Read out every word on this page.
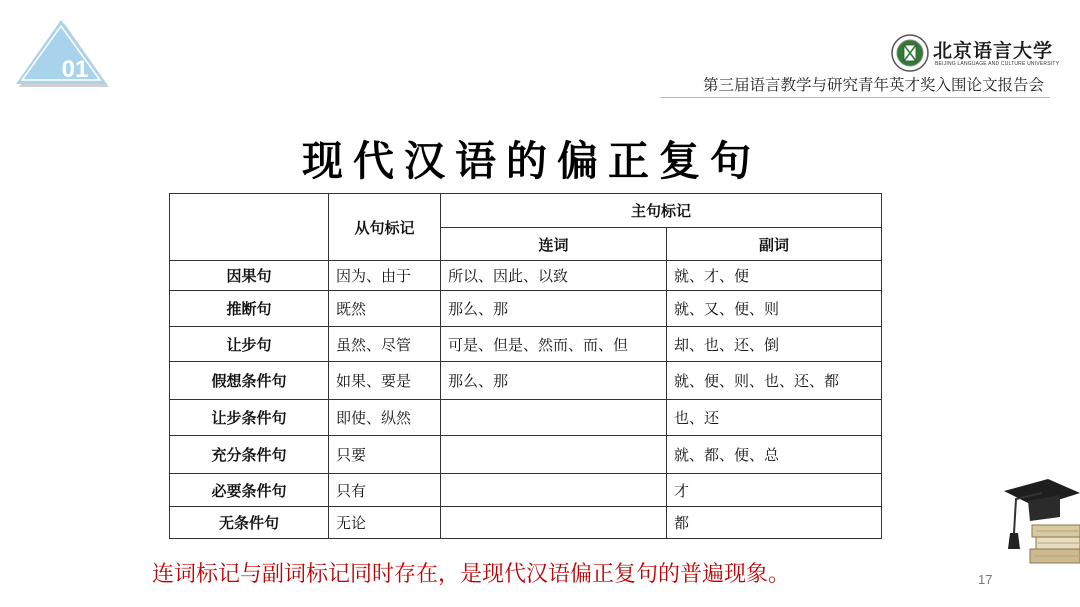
01
北京语言大学
BEIJING LANGUAGE AND CULTURE UNIVERSITY
第三届语言教学与研究青年英才奖入围论文报告会
现代汉语的偏正复句
	从句标记	主句标记	
		连词	副词
因果句	因为、由于	所以、因此、以致	就、才、便
推断句	既然	那么、那	就、又、便、则
让步句	虽然、尽管	可是、但是、然而、而、但	却、也、还、倒
假想条件句	如果、要是	那么、那	就、便、则、也、还、都
让步条件句	即使、纵然		也、还
充分条件句	只要		就、都、便、总
必要条件句	只有		才
无条件句	无论		都
连词标记与副词标记同时存在，是现代汉语偏正复句的普遍现象。	17
